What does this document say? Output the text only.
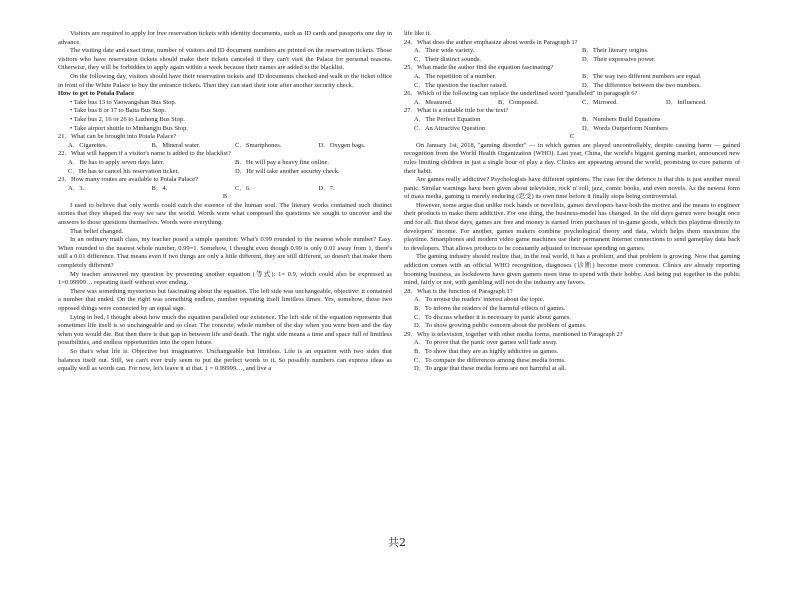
Visitors are required to apply for free reservation tickets with identity documents, such as ID cards and passports one day in advance.

The visiting date and exact time, number of visitors and ID document numbers are printed on the reservation tickets. Those visitors who have reservation tickets should make their tickets canceled if they can't visit the Palace for personal reasons. Otherwise, they will be forbidden to apply again within a week because their names are added to the blacklist.

On the following day, visitors should have their reservation tickets and ID documents checked and walk to the ticket office in front of the White Palace to buy the entrance tickets. Then they can start their tour after another security check.

How to get to Potala Palace

• Take bus 13 to Yaowangshan Bus Stop.

• Take bus 8 or 17 to Baita Bus Stop.

• Take bus 2, 16 or 26 to Lazhong Bus Stop.

• Take airport shuttle to Minhangju Bus Stop.

21．What can be brought into Potala Palace?

A．Cigarettes.	B．Mineral water.	C．Smartphones.	D．Oxygen bags.

22．What will happen if a visitor's name is added to the blacklist?

A．He has to apply seven days later.	B．He will pay a heavy fine online.
C．He has to cancel his reservation ticket.	D．He will take another security check.

23．How many routes are available to Potala Palace?

A．3.	B．4.	C．6.	D．7.

B

I used to believe that only words could catch the essence of the human soul. The literary works contained such distinct stories that they shaped the way we saw the world. Words were what composed the questions we sought to uncover and the answers to those questions themselves. Words were everything.

That belief changed.

In an ordinary math class, my teacher posed a simple question: What's 0.99 rounded to the nearest whole number? Easy. When rounded to the nearest whole number, 0.99=1. Somehow, I thought even though 0.99 is only 0.01 away from 1, there's still a 0.01 difference. That means even if two things are only a little different, they are still different, so doesn't that make them completely different?

My teacher answered my question by presenting another equation (等式): 1= 0.9, which could also be expressed as 1=0.99999… repeating itself without ever ending.

There was something mysterious but fascinating about the equation. The left side was unchangeable, objective: it contained a number that ended. On the right was something endless, number repeating itself limitless times. Yes, somehow, those two opposed things were connected by an equal sign.

Lying in bed, I thought about how much the equation paralleled our existence. The left side of the equation represents that sometimes life itself is so unchangeable and so clear. The concrete, whole number of the day when you were born and the day when you would die. But then there is that gap in between life and death. The right side means a time and space full of limitless possibilities, and endless opportunities into the open future.

So that's what life is. Objective but imaginative. Unchangeable but limitless. Life is an equation with two sides that balances itself out. Still, we can't ever truly seem to put the perfect words to it. So possibly numbers can express ideas as equally well as words can. For now, let's leave it at that. 1 = 0.99999…, and live a

life like it.

24．What does the author emphasize about words in Paragraph 1?

A．Their wide variety.	B．Their literary origins.
C．Their distinct sounds.	D．Their expressive power.

25．What made the author find the equation fascinating?

A．The repetition of a number.	B．The way two different numbers are equal.
C．The question the teacher raised.	D．The difference between the two numbers.

26．Which of the following can replace the underlined word "paralleled" in paragraph 6?

A．Measured.	B．Composed.	C．Mirrored.	D．Influenced.

27．What is a suitable title for the text?

A．The Perfect Equation	B．Numbers Build Equations
C．An Attractive Question	D．Words Outperform Numbers

C

On January 1st, 2018, "gaming disorder" — in which games are played uncontrollably, despite causing harm — gained recognition from the World Health Organization (WHO). Last year, China, the world's biggest gaming market, announced new rules limiting children in just a single hour of play a day. Clinics are appearing around the world, promising to cure patients of their habit.

Are games really addictive? Psychologists have different opinions. The case for the defence is that this is just another moral panic. Similar warnings have been given about television, rock' n' roll, jazz, comic books, and even novels. As the newest form of mass media, gaming is merely enduring (忍受) its own time before it finally stops being controversial.

However, some argue that unlike rock bands or novelists, games developers have both the motive and the means to engineer their products to make them addictive. For one thing, the business-model has changed. In the old days games were bought once and for all. But these days, games are free and money is earned from purchases of in-game goods, which ties playtime directly to developers' income. For another, games makers combine psychological theory and data, which helps them maximize the playtime. Smartphones and modern video game machines use their permanent Internet connections to send gameplay data back to developers. That allows products to be constantly adjusted to increase spending on games.

The gaming industry should realize that, in the real world, it has a problem, and that problem is growing. Now that gaming addiction comes with an official WHO recognition, diagnoses (诊断) become more common. Clinics are already reporting booming business, as lockdowns have given gamers more time to spend with their hobby. And being put together in the public mind, fairly or not, with gambling will not do the industry any favors.

28．What is the function of Paragraph 1?

A．To arouse the readers' interest about the topic.
B．To inform the readers of the harmful effects of games.
C．To discuss whether it is necessary to panic about games.
D．To show growing public concern about the problem of games.

29．Why is television, together with other media forms, mentioned in Paragraph 2?

A．To prove that the panic over games will fade away.
B．To show that they are as highly addictive as games.
C．To compare the differences among these media forms.
D．To argue that these media forms are not harmful at all.
共2
